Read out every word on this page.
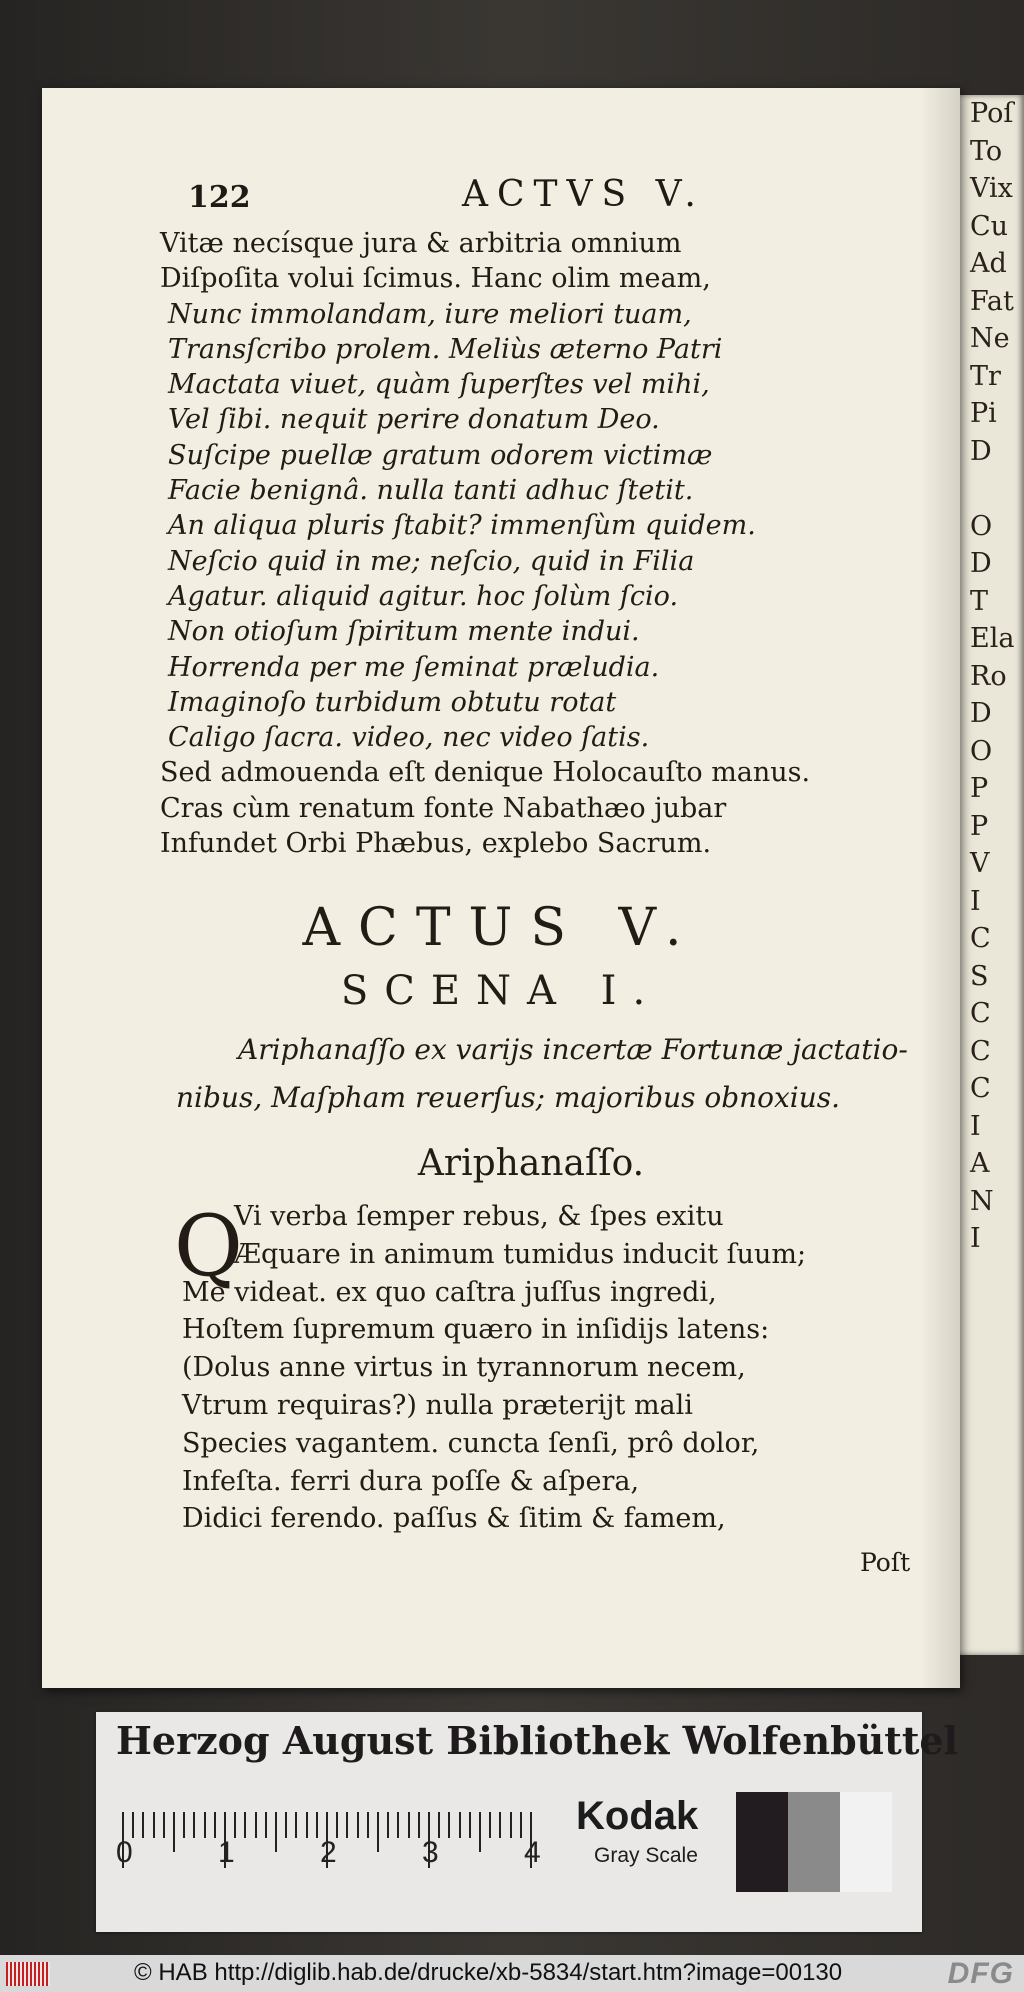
Poſ
To
Vix
Cu
Ad
Fat
Ne
Tr
Pi
D

O
D
T
Ela
Ro
D
O
P
P
V
I
C
S
C
C
C
I
A
N
I
122	ACTVS V.
Vitæ necísque jura & arbitria omnium
Diſpoſita volui ſcimus. Hanc olim meam,
Nunc immolandam, iure meliori tuam,
Transſcribo prolem. Meliùs æterno Patri
Mactata viuet, quàm ſuperſtes vel mihi,
Vel ſibi. nequit perire donatum Deo.
Suſcipe puellæ gratum odorem victimæ
Facie benignâ. nulla tanti adhuc ſtetit.
An aliqua pluris ſtabit? immenſùm quidem.
Neſcio quid in me; neſcio, quid in Filia
Agatur. aliquid agitur. hoc ſolùm ſcio.
Non otioſum ſpiritum mente indui.
Horrenda per me ſeminat præludia.
Imaginoſo turbidum obtutu rotat
Caligo ſacra. video, nec video ſatis.
Sed admouenda eſt denique Holocauſto manus.
Cras cùm renatum fonte Nabathæo jubar
Infundet Orbi Phæbus, explebo Sacrum.
ACTUS V.
SCENA I.
Ariphanaſſo ex varijs incertæ Fortunæ jactatio-
nibus, Maſpham reuerſus; majoribus obnoxius.
Ariphanaſſo.
Q
Vi verba ſemper rebus, & ſpes exitu
Æquare in animum tumidus inducit ſuum;
Me videat. ex quo caſtra juſſus ingredi,
Hoſtem ſupremum quæro in inſidijs latens:
(Dolus anne virtus in tyrannorum necem,
Vtrum requiras?) nulla præterijt mali
Species vagantem. cuncta ſenſi, prô dolor,
Infeſta. ferri dura poſſe & aſpera,
Didici ferendo. paſſus & ſitim & famem,
Poſt
Herzog August Bibliothek Wolfenbüttel
0	1	2	3	4
Kodak
Gray Scale
© HAB http://diglib.hab.de/drucke/xb-5834/start.htm?image=00130	DFG
